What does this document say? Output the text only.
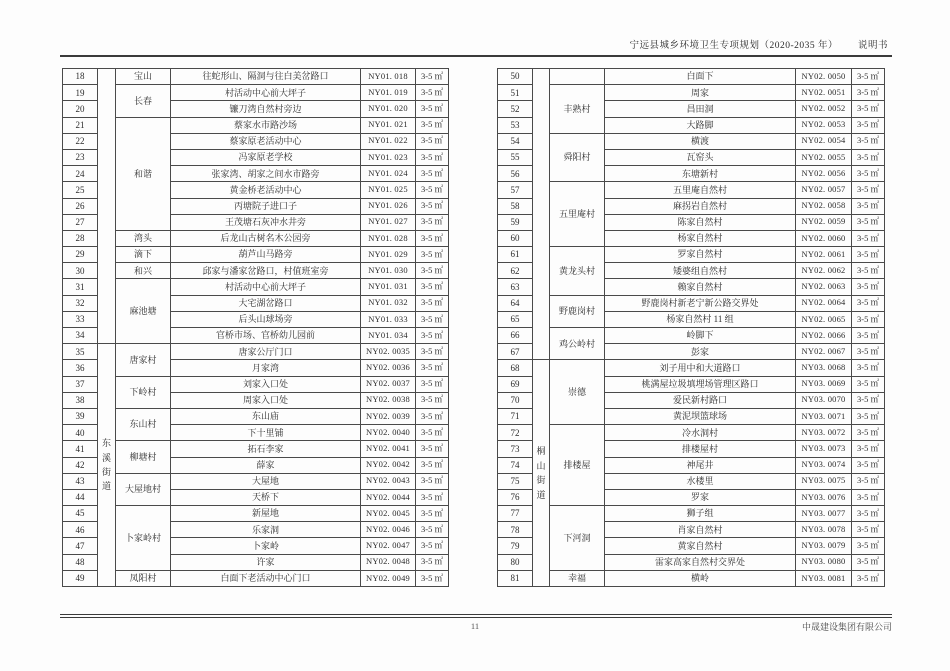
宁远县城乡环境卫生专项规划（2020-2035 年） 说明书
18		宝山	往蛇形山、隔洞与往白美岔路口	NY01. 018	3-5 ㎡
19		长春	村活动中心前大坪子	NY01. 019	3-5 ㎡
20			镰刀湾自然村旁边	NY01. 020	3-5 ㎡
21		和谐	蔡家水市路沙场	NY01. 021	3-5 ㎡
22			蔡家原老活动中心	NY01. 022	3-5 ㎡
23			冯家原老学校	NY01. 023	3-5 ㎡
24			张家湾、胡家之间水市路旁	NY01. 024	3-5 ㎡
25			黄金桥老活动中心	NY01. 025	3-5 ㎡
26			丙塘院子进口子	NY01. 026	3-5 ㎡
27			王茂塘石灰冲水井旁	NY01. 027	3-5 ㎡
28		湾头	后龙山古树名木公园旁	NY01. 028	3-5 ㎡
29		滴下	葫芦山马路旁	NY01. 029	3-5 ㎡
30		和兴	邱家与潘家岔路口，村值班室旁	NY01. 030	3-5 ㎡
31		麻池塘	村活动中心前大坪子	NY01. 031	3-5 ㎡
32			大宅湖岔路口	NY01. 032	3-5 ㎡
33			后头山球场旁	NY01. 033	3-5 ㎡
34			官桥市场、官桥幼儿园前	NY01. 034	3-5 ㎡
35	东溪街道	唐家村	唐家公厅门口	NY02. 0035	3-5 ㎡
36			月家湾	NY02. 0036	3-5 ㎡
37		下岭村	刘家入口处	NY02. 0037	3-5 ㎡
38			周家入口处	NY02. 0038	3-5 ㎡
39		东山村	东山庙	NY02. 0039	3-5 ㎡
40			下十里铺	NY02. 0040	3-5 ㎡
41		柳塘村	拓石李家	NY02. 0041	3-5 ㎡
42			薛家	NY02. 0042	3-5 ㎡
43		大屋地村	大屋地	NY02. 0043	3-5 ㎡
44			天桥下	NY02. 0044	3-5 ㎡
45		卜家岭村	新屋地	NY02. 0045	3-5 ㎡
46			乐家洞	NY02. 0046	3-5 ㎡
47			卜家岭	NY02. 0047	3-5 ㎡
48			许家	NY02. 0048	3-5 ㎡
49		凤阳村	白面下老活动中心门口	NY02. 0049	3-5 ㎡
50			白面下	NY02. 0050	3-5 ㎡
51		丰熟村	周家	NY02. 0051	3-5 ㎡
52			昌田洞	NY02. 0052	3-5 ㎡
53			大路脚	NY02. 0053	3-5 ㎡
54		舜阳村	横渡	NY02. 0054	3-5 ㎡
55			瓦窑头	NY02. 0055	3-5 ㎡
56			东塘新村	NY02. 0056	3-5 ㎡
57		五里庵村	五里庵自然村	NY02. 0057	3-5 ㎡
58			麻拐岩自然村	NY02. 0058	3-5 ㎡
59			陈家自然村	NY02. 0059	3-5 ㎡
60			杨家自然村	NY02. 0060	3-5 ㎡
61		黄龙头村	罗家自然村	NY02. 0061	3-5 ㎡
62			矮婆组自然村	NY02. 0062	3-5 ㎡
63			赖家自然村	NY02. 0063	3-5 ㎡
64		野鹿岗村	野鹿岗村新老宁新公路交界处	NY02. 0064	3-5 ㎡
65			杨家自然村 11 组	NY02. 0065	3-5 ㎡
66		鸡公岭村	岭脚下	NY02. 0066	3-5 ㎡
67			彭家	NY02. 0067	3-5 ㎡
68	桐山街道	崇德	刘子用中和大道路口	NY03. 0068	3-5 ㎡
69			桃满屋垃圾填埋场管理区路口	NY03. 0069	3-5 ㎡
70			爱民新村路口	NY03. 0070	3-5 ㎡
71			黄泥坝篮球场	NY03. 0071	3-5 ㎡
72		排楼屋	冷水洞村	NY03. 0072	3-5 ㎡
73			排楼屋村	NY03. 0073	3-5 ㎡
74			神尾井	NY03. 0074	3-5 ㎡
75			水楼里	NY03. 0075	3-5 ㎡
76			罗家	NY03. 0076	3-5 ㎡
77		下河洞	狮子组	NY03. 0077	3-5 ㎡
78			肖家自然村	NY03. 0078	3-5 ㎡
79			黄家自然村	NY03. 0079	3-5 ㎡
80			雷家高家自然村交界处	NY03. 0080	3-5 ㎡
81		幸福	横岭	NY03. 0081	3-5 ㎡
11	中晟建设集团有限公司
